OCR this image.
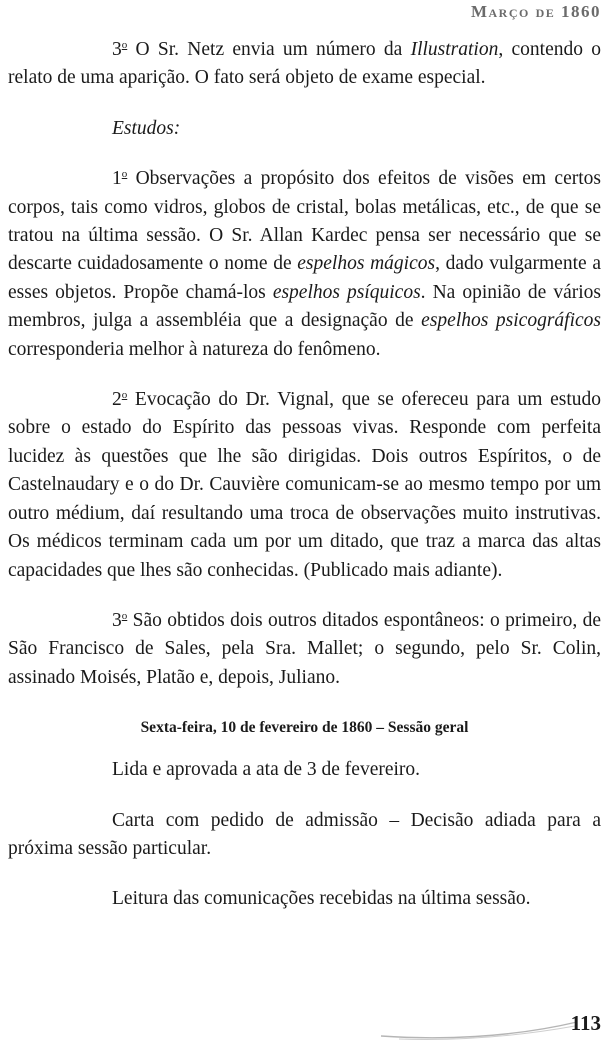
Março de 1860

3$^o$ O Sr. Netz envia um número da Illustration, contendo o relato de uma aparição. O fato será objeto de exame especial.

Estudos:

1$^o$ Observações a propósito dos efeitos de visões em certos corpos, tais como vidros, globos de cristal, bolas metálicas, etc., de que se tratou na última sessão. O Sr. Allan Kardec pensa ser necessário que se descarte cuidadosamente o nome de espelhos mágicos, dado vulgarmente a esses objetos. Propõe chamá-los espelhos psíquicos. Na opinião de vários membros, julga a assembléia que a designação de espelhos psicográficos corresponderia melhor à natureza do fenômeno.

2$^o$ Evocação do Dr. Vignal, que se ofereceu para um estudo sobre o estado do Espírito das pessoas vivas. Responde com perfeita lucidez às questões que lhe são dirigidas. Dois outros Espíritos, o de Castelnaudary e o do Dr. Cauvière comunicam-se ao mesmo tempo por um outro médium, daí resultando uma troca de observações muito instrutivas. Os médicos terminam cada um por um ditado, que traz a marca das altas capacidades que lhes são conhecidas. (Publicado mais adiante).

3$^o$ São obtidos dois outros ditados espontâneos: o primeiro, de São Francisco de Sales, pela Sra. Mallet; o segundo, pelo Sr. Colin, assinado Moisés, Platão e, depois, Juliano.

Sexta-feira, 10 de fevereiro de 1860 – Sessão geral

Lida e aprovada a ata de 3 de fevereiro.

Carta com pedido de admissão – Decisão adiada para a próxima sessão particular.

Leitura das comunicações recebidas na última sessão.

113
